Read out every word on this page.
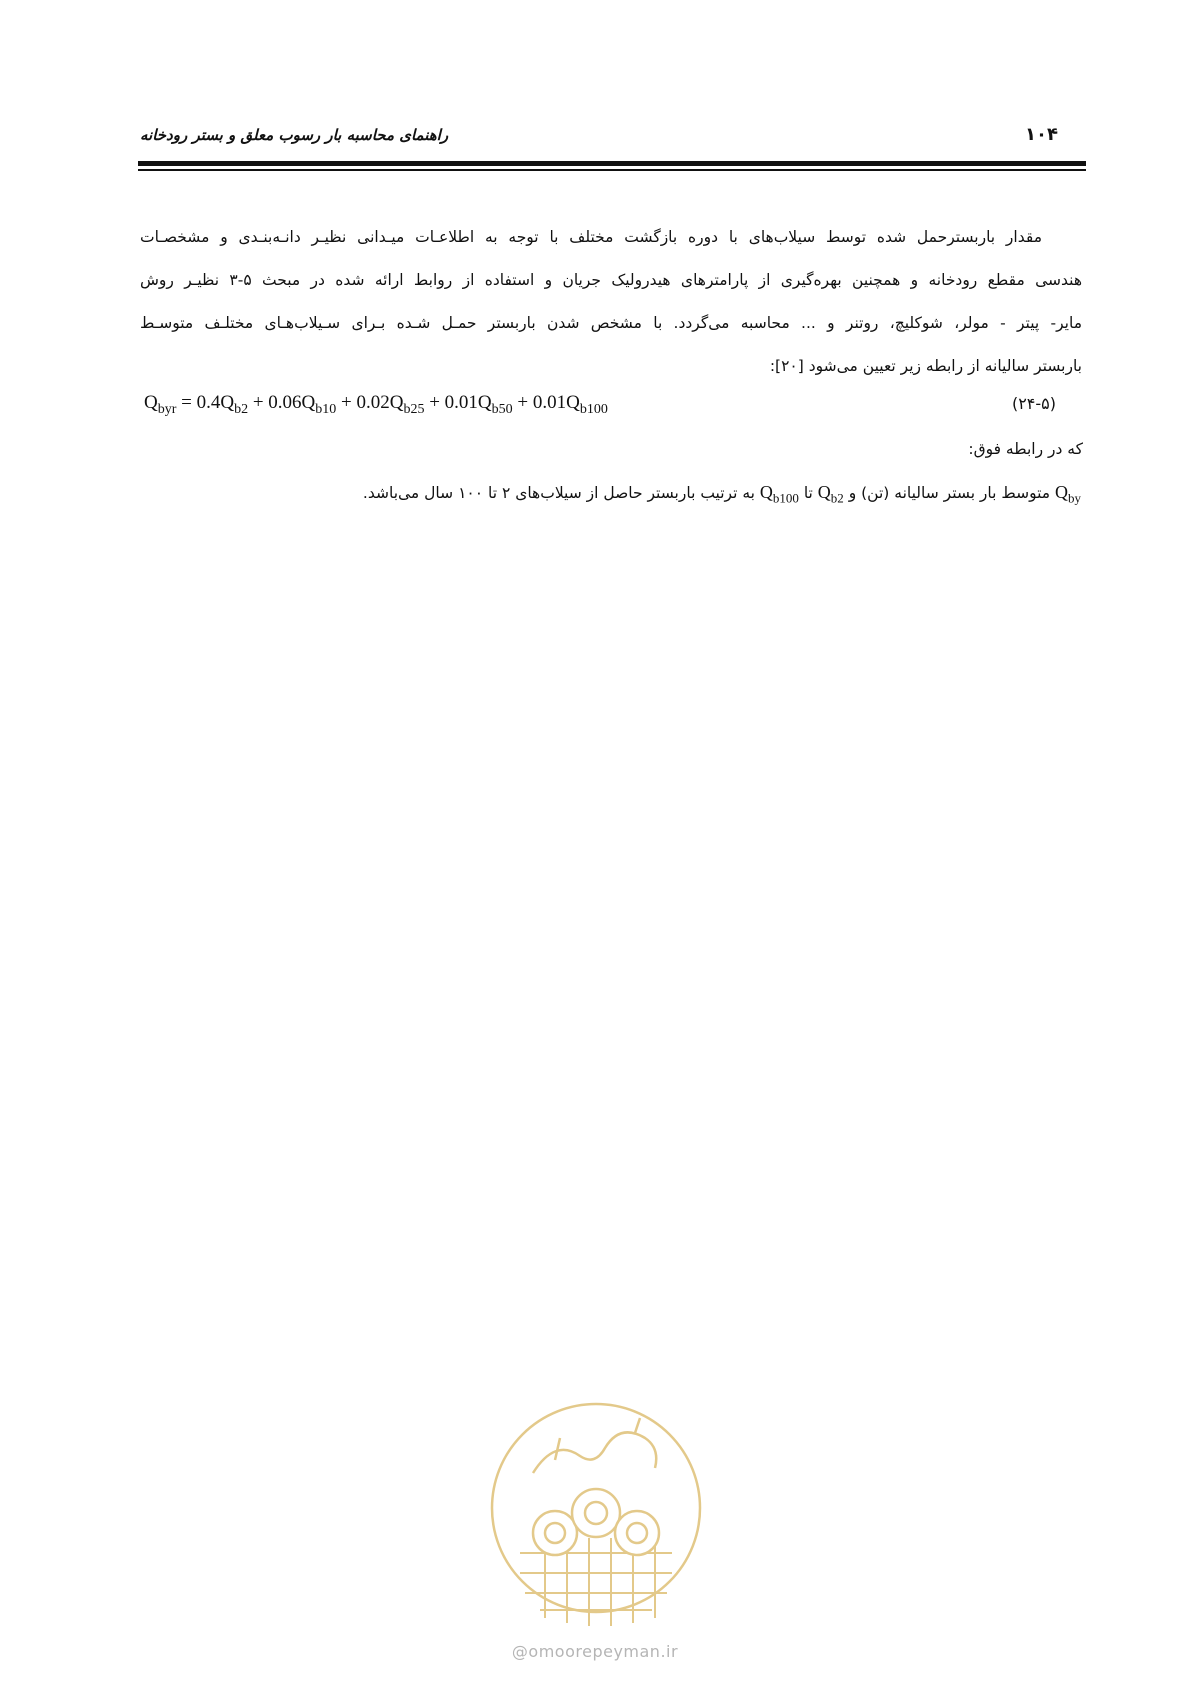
۱۰۴
راهنمای محاسبه بار رسوب معلق و بستر رودخانه
مقدار باربسترحمل شده توسط سیلاب‌های با دوره بازگشت مختلف با توجه به اطلاعـات میـدانی نظیـر دانـه‌بنـدی و مشخصـات
هندسی مقطع رودخانه و همچنین بهره‌گیری از پارامترهای هیدرولیک جریان و استفاده از روابط ارائه شده در مبحث ۵-۳ نظیـر روش
مایر- پیتر - مولر، شوکلیچ، روتنر و ... محاسبه می‌گردد. با مشخص شدن باربستر حمـل شـده بـرای سـیلاب‌هـای مختلـف متوسـط
باربستر سالیانه از رابطه زیر تعیین می‌شود [۲۰]:
$Q_{byr} = 0.4Q_{b2} + 0.06Q_{b10} + 0.02Q_{b25} + 0.01Q_{b50} + 0.01Q_{b100}$	(۲۴-۵)
که در رابطه فوق:
$Q_{by}$ متوسط بار بستر سالیانه (تن) و $Q_{b2}$ تا $Q_{b100}$ به ترتیب باربستر حاصل از سیلاب‌های ۲ تا ۱۰۰ سال می‌باشد.
@omoorepeyman.ir
